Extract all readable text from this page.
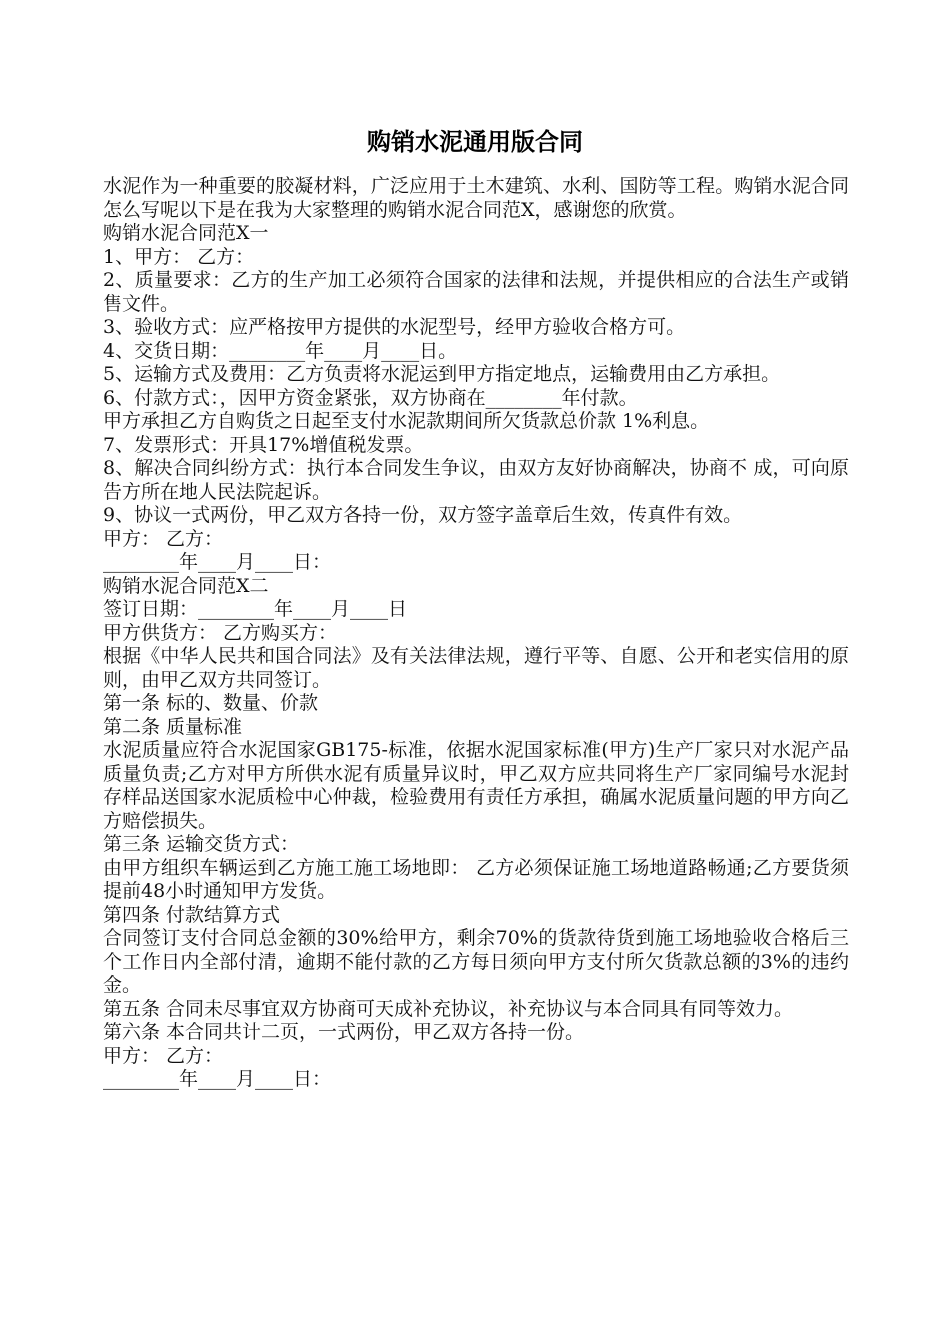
购销水泥通用版合同

水泥作为一种重要的胶凝材料，广泛应用于土木建筑、水利、国防等工程。购销水泥合同怎么写呢以下是在我为大家整理的购销水泥合同范X，感谢您的欣赏。

购销水泥合同范X一

1、甲方： 乙方：

2、质量要求：乙方的生产加工必须符合国家的法律和法规，并提供相应的合法生产或销售文件。

3、验收方式：应严格按甲方提供的水泥型号，经甲方验收合格方可。

4、交货日期：________年____月____日。

5、运输方式及费用：乙方负责将水泥运到甲方指定地点，运输费用由乙方承担。

6、付款方式：，因甲方资金紧张，双方协商在________年付款。

甲方承担乙方自购货之日起至支付水泥款期间所欠货款总价款 1%利息。

7、发票形式：开具17%增值税发票。

8、解决合同纠纷方式：执行本合同发生争议，由双方友好协商解决，协商不 成，可向原告方所在地人民法院起诉。

9、协议一式两份，甲乙双方各持一份，双方签字盖章后生效，传真件有效。

甲方： 乙方：

________年____月____日：

购销水泥合同范X二

签订日期：________年____月____日

甲方供货方： 乙方购买方：

根据《中华人民共和国合同法》及有关法律法规，遵行平等、自愿、公开和老实信用的原则，由甲乙双方共同签订。

第一条 标的、数量、价款

第二条 质量标准

水泥质量应符合水泥国家GB175-标准，依据水泥国家标准(甲方)生产厂家只对水泥产品质量负责;乙方对甲方所供水泥有质量异议时，甲乙双方应共同将生产厂家同编号水泥封存样品送国家水泥质检中心仲裁，检验费用有责任方承担，确属水泥质量问题的甲方向乙方赔偿损失。

第三条 运输交货方式：

由甲方组织车辆运到乙方施工施工场地即： 乙方必须保证施工场地道路畅通;乙方要货须提前48小时通知甲方发货。

第四条 付款结算方式

合同签订支付合同总金额的30%给甲方，剩余70%的货款待货到施工场地验收合格后三个工作日内全部付清，逾期不能付款的乙方每日须向甲方支付所欠货款总额的3%的违约金。

第五条 合同未尽事宜双方协商可天成补充协议，补充协议与本合同具有同等效力。

第六条 本合同共计二页，一式两份，甲乙双方各持一份。

甲方： 乙方：

________年____月____日：
